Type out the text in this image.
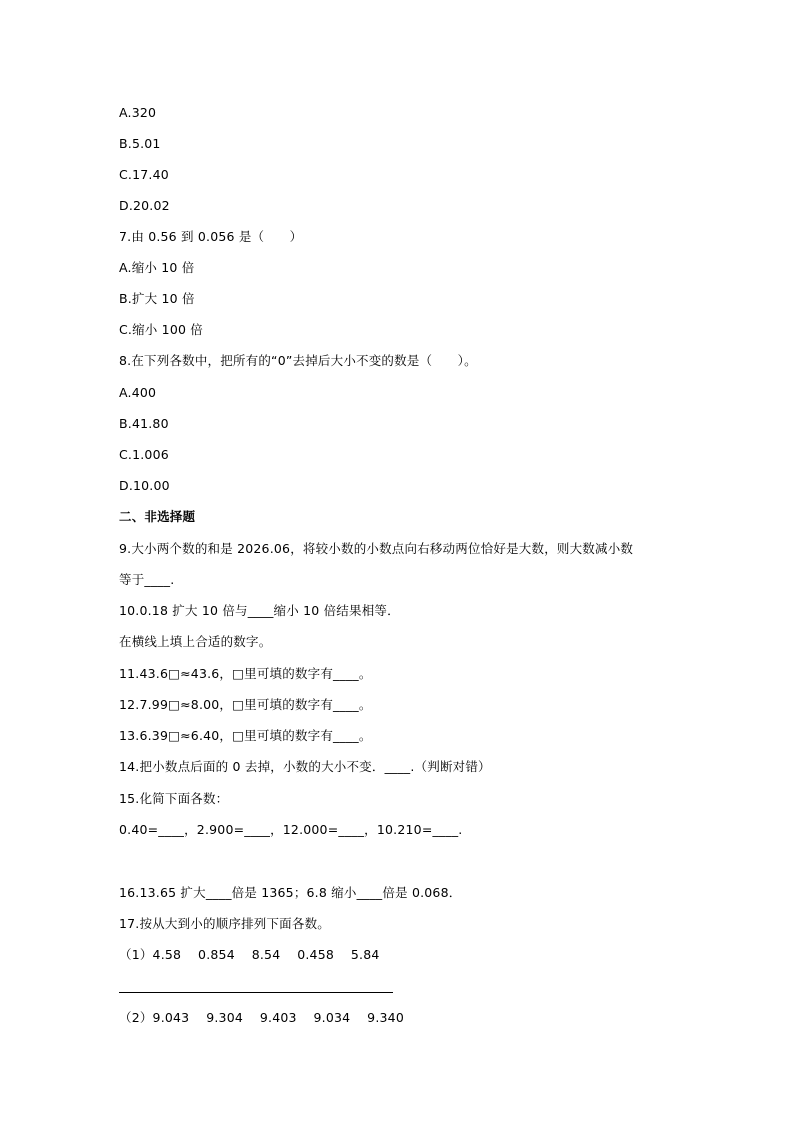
A.320
B.5.01
C.17.40
D.20.02
7.由 0.56 到 0.056 是（　　）
A.缩小 10 倍
B.扩大 10 倍
C.缩小 100 倍
8.在下列各数中，把所有的“0”去掉后大小不变的数是（　　）。
A.400
B.41.80
C.1.006
D.10.00
二、非选择题
9.大小两个数的和是 2026.06，将较小数的小数点向右移动两位恰好是大数，则大数减小数
等于____.
10.0.18 扩大 10 倍与____缩小 10 倍结果相等．
在横线上填上合适的数字。
11.43.6□≈43.6，□里可填的数字有____。
12.7.99□≈8.00，□里可填的数字有____。
13.6.39□≈6.40，□里可填的数字有____。
14.把小数点后面的 0 去掉，小数的大小不变．____.（判断对错）
15.化简下面各数：
0.40=____，2.900=____，12.000=____，10.210=____.
16.13.65 扩大____倍是 1365；6.8 缩小____倍是 0.068．
17.按从大到小的顺序排列下面各数。
（1）4.58　 0.854　 8.54　 0.458　 5.84
（2）9.043　 9.304　 9.403　 9.034　 9.340
